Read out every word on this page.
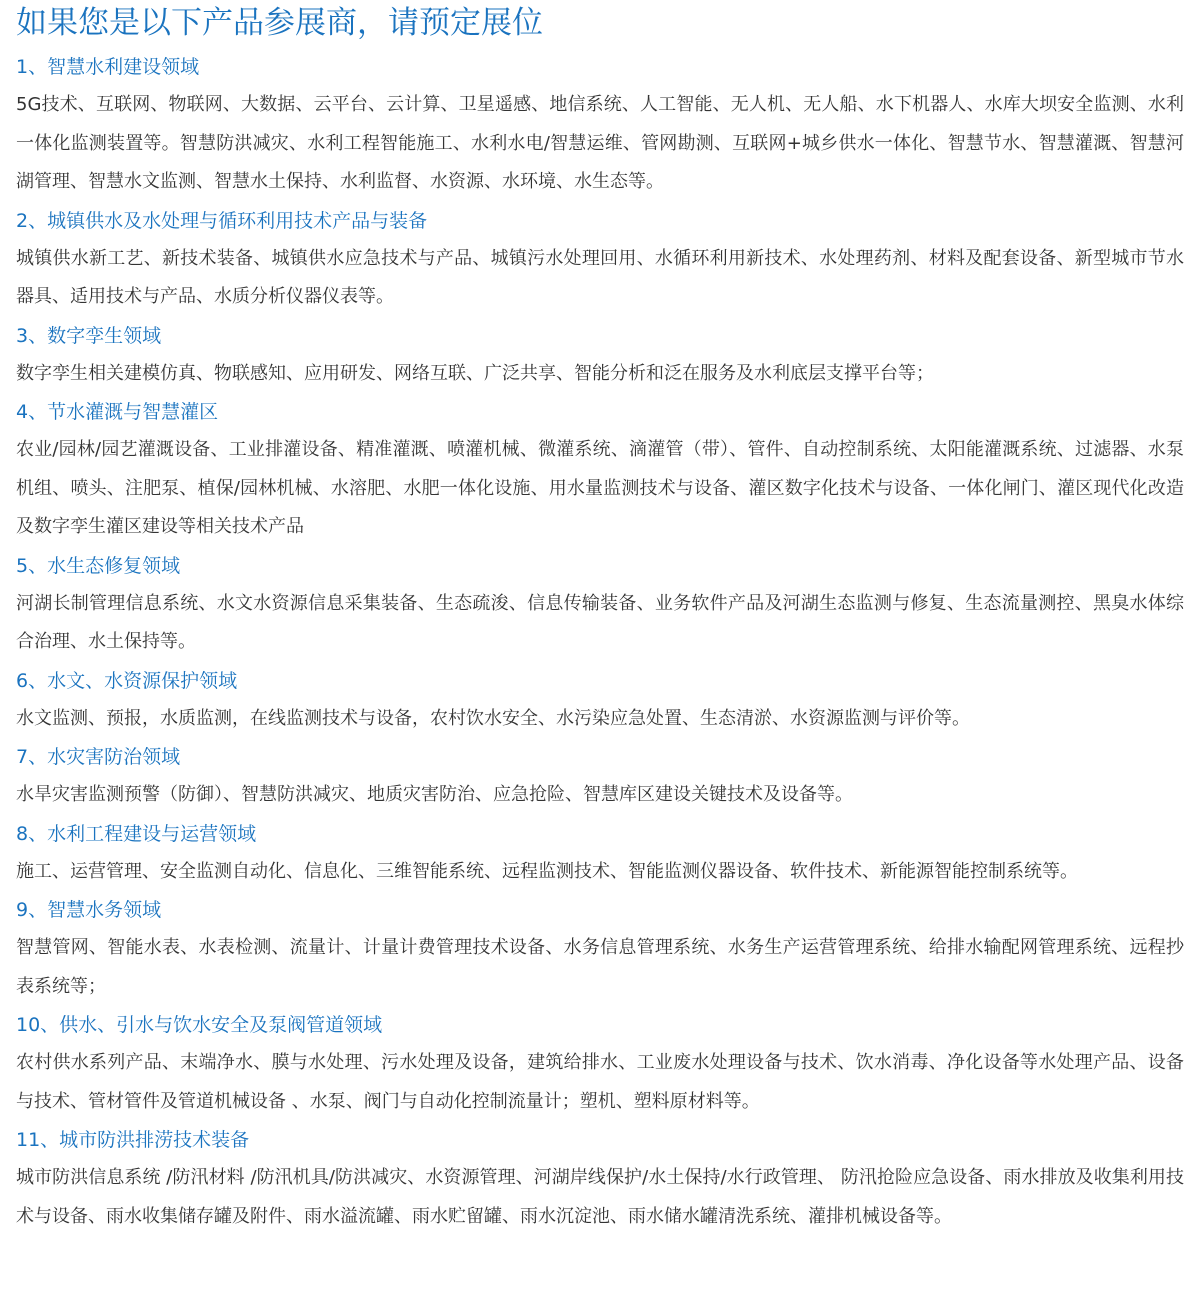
如果您是以下产品参展商，请预定展位
1、智慧水利建设领域

5G技术、互联网、物联网、大数据、云平台、云计算、卫星遥感、地信系统、人工智能、无人机、无人船、水下机器人、水库大坝安全监测、水利一体化监测装置等。智慧防洪减灾、水利工程智能施工、水利水电/智慧运维、管网勘测、互联网+城乡供水一体化、智慧节水、智慧灌溉、智慧河湖管理、智慧水文监测、智慧水土保持、水利监督、水资源、水环境、水生态等。

2、城镇供水及水处理与循环利用技术产品与装备

城镇供水新工艺、新技术装备、城镇供水应急技术与产品、城镇污水处理回用、水循环利用新技术、水处理药剂、材料及配套设备、新型城市节水器具、适用技术与产品、水质分析仪器仪表等。

3、数字孪生领域

数字孪生相关建模仿真、物联感知、应用研发、网络互联、广泛共享、智能分析和泛在服务及水利底层支撑平台等；

4、节水灌溉与智慧灌区

农业/园林/园艺灌溉设备、工业排灌设备、精准灌溉、喷灌机械、微灌系统、滴灌管（带）、管件、自动控制系统、太阳能灌溉系统、过滤器、水泵机组、喷头、注肥泵、植保/园林机械、水溶肥、水肥一体化设施、用水量监测技术与设备、灌区数字化技术与设备、一体化闸门、灌区现代化改造及数字孪生灌区建设等相关技术产品

5、水生态修复领域

河湖长制管理信息系统、水文水资源信息采集装备、生态疏浚、信息传输装备、业务软件产品及河湖生态监测与修复、生态流量测控、黑臭水体综合治理、水土保持等。

6、水文、水资源保护领域

水文监测、预报，水质监测，在线监测技术与设备，农村饮水安全、水污染应急处置、生态清淤、水资源监测与评价等。

7、水灾害防治领域

水旱灾害监测预警（防御）、智慧防洪减灾、地质灾害防治、应急抢险、智慧库区建设关键技术及设备等。

8、水利工程建设与运营领域

施工、运营管理、安全监测自动化、信息化、三维智能系统、远程监测技术、智能监测仪器设备、软件技术、新能源智能控制系统等。

9、智慧水务领域

智慧管网、智能水表、水表检测、流量计、计量计费管理技术设备、水务信息管理系统、水务生产运营管理系统、给排水输配网管理系统、远程抄表系统等；

10、供水、引水与饮水安全及泵阀管道领域

农村供水系列产品、末端净水、膜与水处理、污水处理及设备，建筑给排水、工业废水处理设备与技术、饮水消毒、净化设备等水处理产品、设备与技术、管材管件及管道机械设备 、水泵、阀门与自动化控制流量计；塑机、塑料原材料等。

11、城市防洪排涝技术装备

城市防洪信息系统 /防汛材料 /防汛机具/防洪减灾、水资源管理、河湖岸线保护/水土保持/水行政管理、 防汛抢险应急设备、雨水排放及收集利用技术与设备、雨水收集储存罐及附件、雨水溢流罐、雨水贮留罐、雨水沉淀池、雨水储水罐清洗系统、灌排机械设备等。
